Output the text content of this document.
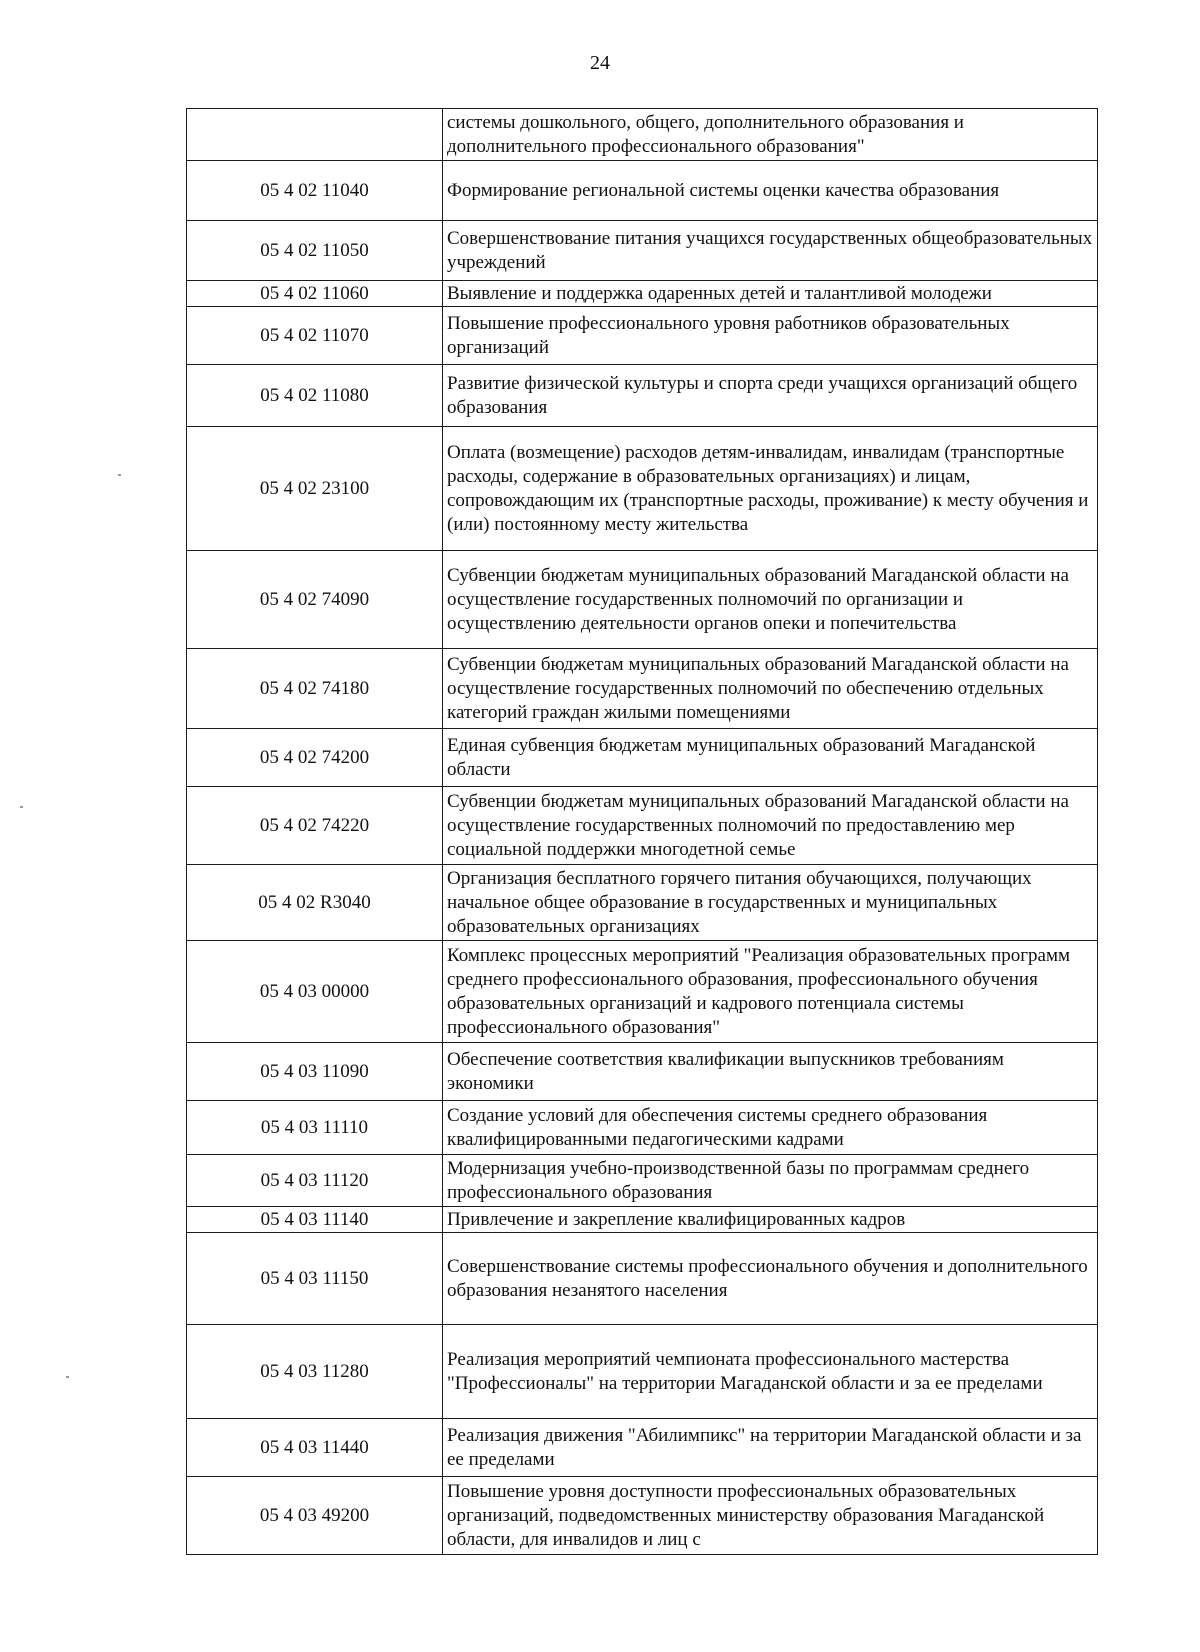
24
	системы дошкольного, общего, дополнительного образования и дополнительного профессионального образования"
05 4 02 11040	Формирование региональной системы оценки качества образования
05 4 02 11050	Совершенствование питания учащихся государственных общеобразовательных учреждений
05 4 02 11060	Выявление и поддержка одаренных детей и талантливой молодежи
05 4 02 11070	Повышение профессионального уровня работников образовательных организаций
05 4 02 11080	Развитие физической культуры и спорта среди учащихся организаций общего образования
05 4 02 23100	Оплата (возмещение) расходов детям-инвалидам, инвалидам (транспортные расходы, содержание в образовательных организациях) и лицам, сопровождающим их (транспортные расходы, проживание) к месту обучения и (или) постоянному месту жительства
05 4 02 74090	Субвенции бюджетам муниципальных образований Магаданской области на осуществление государственных полномочий по организации и осуществлению деятельности органов опеки и попечительства
05 4 02 74180	Субвенции бюджетам муниципальных образований Магаданской области на осуществление государственных полномочий по обеспечению отдельных категорий граждан жилыми помещениями
05 4 02 74200	Единая субвенция бюджетам муниципальных образований Магаданской области
05 4 02 74220	Субвенции бюджетам муниципальных образований Магаданской области на осуществление государственных полномочий по предоставлению мер социальной поддержки многодетной семье
05 4 02 R3040	Организация бесплатного горячего питания обучающихся, получающих начальное общее образование в государственных и муниципальных образовательных организациях
05 4 03 00000	Комплекс процессных мероприятий "Реализация образовательных программ среднего профессионального образования, профессионального обучения образовательных организаций и кадрового потенциала системы профессионального образования"
05 4 03 11090	Обеспечение соответствия квалификации выпускников требованиям экономики
05 4 03 11110	Создание условий для обеспечения системы среднего образования квалифицированными педагогическими кадрами
05 4 03 11120	Модернизация учебно-производственной базы по программам среднего профессионального образования
05 4 03 11140	Привлечение и закрепление квалифицированных кадров
05 4 03 11150	Совершенствование системы профессионального обучения и дополнительного образования незанятого населения
05 4 03 11280	Реализация мероприятий чемпионата профессионального мастерства "Профессионалы" на территории Магаданской области и за ее пределами
05 4 03 11440	Реализация движения "Абилимпикс" на территории Магаданской области и за ее пределами
05 4 03 49200	Повышение уровня доступности профессиональных образовательных организаций, подведомственных министерству образования Магаданской области, для инвалидов и лиц с
